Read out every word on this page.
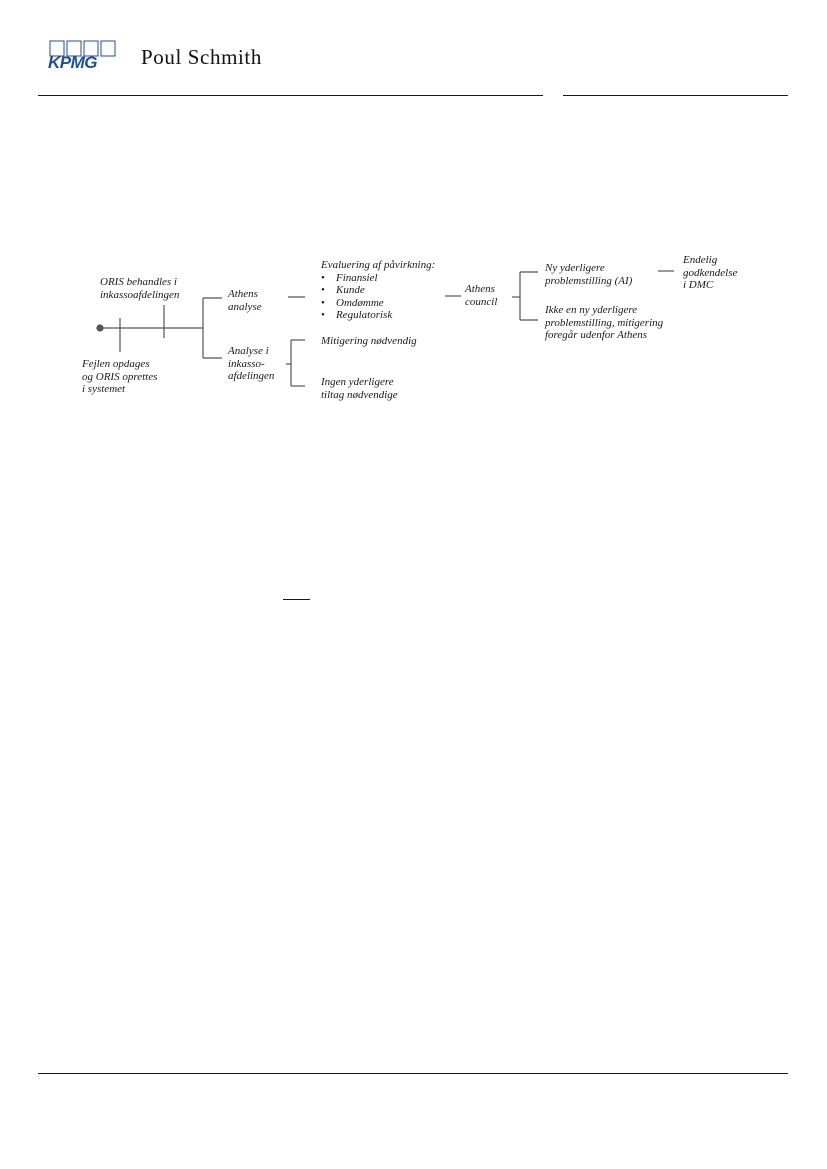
KPMG Poul Schmith
ORIS behandles i
inkassoafdelingen
Fejlen opdages
og ORIS oprettes
i systemet
Athens
analyse
Analyse i
inkasso-
afdelingen
Evaluering af påvirkning:
• Finansiel
• Kunde
• Omdømme
• Regulatorisk
Mitigering nødvendig
Ingen yderligere
tiltag nødvendige
Athens
council
Ny yderligere
problemstilling (AI)
Ikke en ny yderligere
problemstilling, mitigering
foregår udenfor Athens
Endelig
godkendelse
i DMC
